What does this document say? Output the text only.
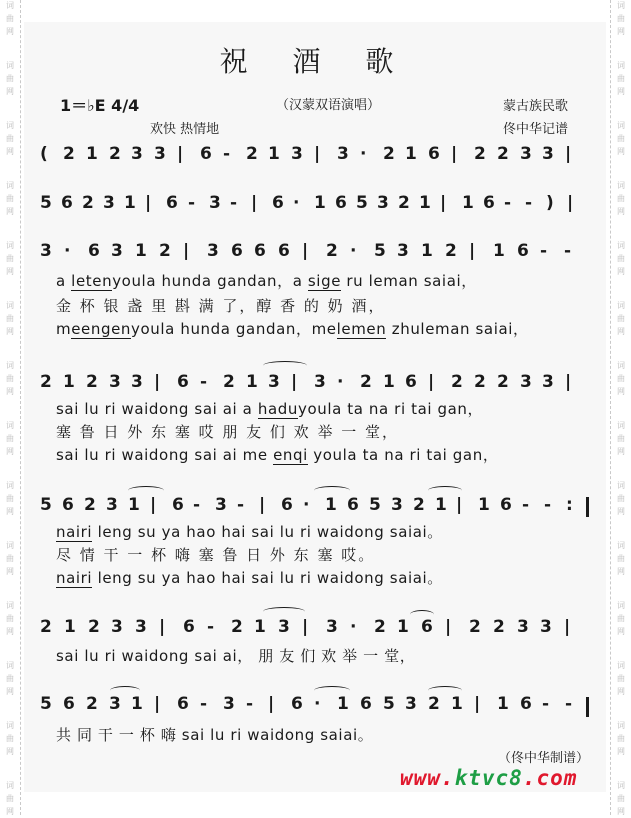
词
曲
网
词
曲
网
词
曲
网
词
曲
网
词
曲
网
词
曲
网
词
曲
网
词
曲
网
词
曲
网
词
曲
网
词
曲
网
词
曲
网
词
曲
网
词
曲
网
词
曲
网
词
曲
网
词
曲
网
词
曲
网
词
曲
网
词
曲
网
词
曲
网
词
曲
网
词
曲
网
词
曲
网
词
曲
网
词
曲
网
词
曲
网
词
曲
网
祝 酒 歌
1＝♭E 4/4	（汉蒙双语演唱）	蒙古族民歌
欢快 热情地	佟中华记谱
( 2 1 2 3 3 | 6 - 2 1 3 | 3 · 2 1 6 | 2 2 3 3 |
5 6 2 3 1 | 6 - 3 - | 6 · 1 6 5 3 2 1 | 1 6 - - ) |
3 · 6 3 1 2 | 3 6 6 6 | 2 · 5 3 1 2 | 1 6 - -
2 1 2 3 3 | 6 - 2 1 3 | 3 · 2 1 6 | 2 2 2 3 3 |
5 6 2 3 1 | 6 - 3 - | 6 · 1 6 5 3 2 1 | 1 6 - - :
2 1 2 3 3 | 6 - 2 1 3 | 3 · 2 1 6 | 2 2 3 3 |
5 6 2 3 1 | 6 - 3 - | 6 · 1 6 5 3 2 1 | 1 6 - -
a letenyoula hunda gandan，a sige ru leman saiai，
金 杯 银 盏 里 斟 满 了，醇 香 的 奶 酒，
meengenyoula hunda gandan，melemen zhuleman saiai，
sai lu ri waidong sai ai a haduyoula ta na ri tai gan，
塞 鲁 日 外 东 塞 哎 朋 友 们 欢 举 一 堂，
sai lu ri waidong sai ai me enqi youla ta na ri tai gan，
nairi leng su ya hao hai sai lu ri waidong saiai。
尽 情 干 一 杯 嗨 塞 鲁 日 外 东 塞 哎。
nairi leng su ya hao hai sai lu ri waidong saiai。
sai lu ri waidong sai ai， 朋 友 们 欢 举 一 堂，
共 同 干 一 杯 嗨 sai lu ri waidong saiai。
（佟中华制谱）
www.ktvc8.com
